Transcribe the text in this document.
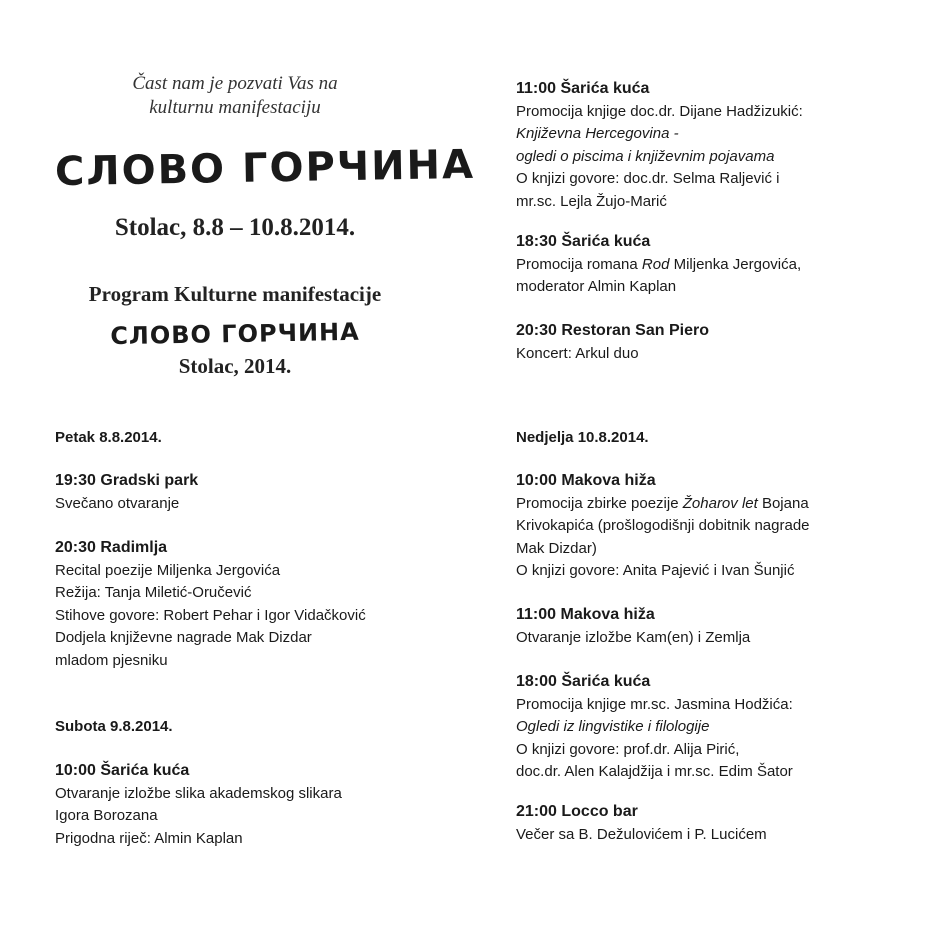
Čast nam je pozvati Vas na
kulturnu manifestaciju
СЛОВО ГОРЧИНА
Stolac, 8.8 – 10.8.2014.
Program Kulturne manifestacije
СЛОВО ГОРЧИНА
Stolac, 2014.
Petak 8.8.2014.
19:30 Gradski park
Svečano otvaranje
20:30 Radimlja
Recital poezije Miljenka Jergovića
Režija: Tanja Miletić-Oručević
Stihove govore: Robert Pehar i Igor Vidačković
Dodjela književne nagrade Mak Dizdar
mladom pjesniku
Subota 9.8.2014.
10:00 Šarića kuća
Otvaranje izložbe slika akademskog slikara
Igora Borozana
Prigodna riječ: Almin Kaplan
11:00 Šarića kuća
Promocija knjige doc.dr. Dijane Hadžizukić:
Književna Hercegovina -
ogledi o piscima i književnim pojavama
O knjizi govore: doc.dr. Selma Raljević i
mr.sc. Lejla Žujo-Marić
18:30 Šarića kuća
Promocija romana Rod Miljenka Jergovića,
moderator Almin Kaplan
20:30 Restoran San Piero
Koncert: Arkul duo
Nedjelja 10.8.2014.
10:00 Makova hiža
Promocija zbirke poezije Žoharov let Bojana
Krivokapića (prošlogodišnji dobitnik nagrade
Mak Dizdar)
O knjizi govore: Anita Pajević i Ivan Šunjić
11:00 Makova hiža
Otvaranje izložbe Kam(en) i Zemlja
18:00 Šarića kuća
Promocija knjige mr.sc. Jasmina Hodžića:
Ogledi iz lingvistike i filologije
O knjizi govore: prof.dr. Alija Pirić,
doc.dr. Alen Kalajdžija i mr.sc. Edim Šator
21:00 Locco bar
Večer sa B. Dežulovićem i P. Lucićem
